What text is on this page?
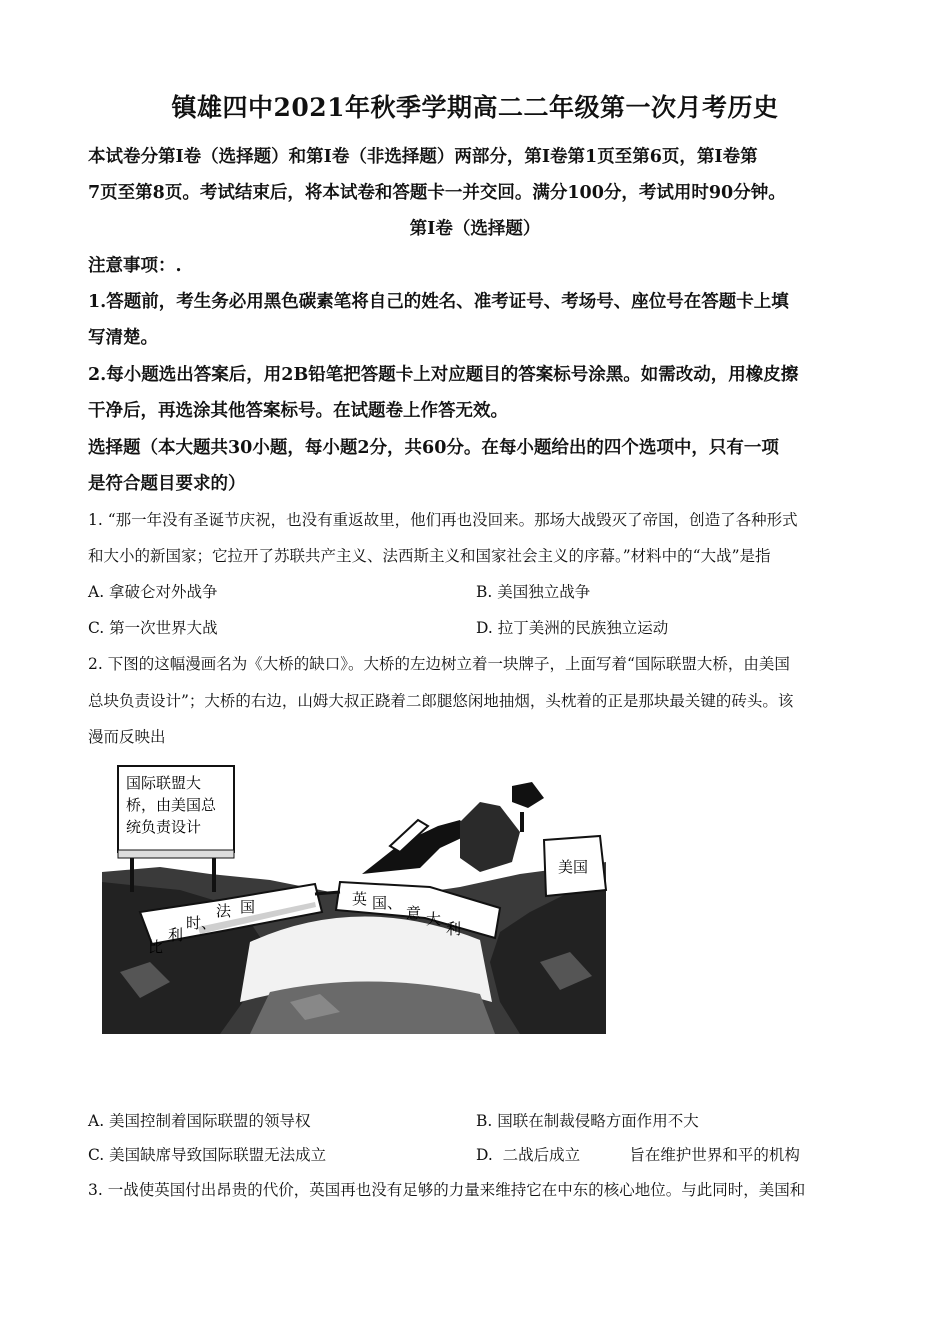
镇雄四中2021年秋季学期高二二年级第一次月考历史
本试卷分第Ⅰ卷（选择题）和第Ⅰ卷（非选择题）两部分，第Ⅰ卷第1页至第6页，第Ⅰ卷第
7页至第8页。考试结束后，将本试卷和答题卡一并交回。满分100分，考试用时90分钟。
第Ⅰ卷（选择题）
注意事项：.
1.答题前，考生务必用黑色碳素笔将自己的姓名、准考证号、考场号、座位号在答题卡上填
写清楚。
2.每小题选出答案后，用2B铅笔把答题卡上对应题目的答案标号涂黑。如需改动，用橡皮擦
干净后，再选涂其他答案标号。在试题卷上作答无效。
选择题（本大题共30小题，每小题2分，共60分。在每小题给出的四个选项中，只有一项
是符合题目要求的）
1. “那一年没有圣诞节庆祝，也没有重返故里，他们再也没回来。那场大战毁灭了帝国，创造了各种形式
和大小的新国家；它拉开了苏联共产主义、法西斯主义和国家社会主义的序幕。”材料中的“大战”是指
A. 拿破仑对外战争	B. 美国独立战争
C. 第一次世界大战	D. 拉丁美洲的民族独立运动
2. 下图的这幅漫画名为《大桥的缺口》。大桥的左边树立着一块牌子，上面写着“国际联盟大桥，由美国
总块负责设计”；大桥的右边，山姆大叔正跷着二郎腿悠闲地抽烟，头枕着的正是那块最关键的砖头。该
漫而反映出
国际联盟大
桥，由美国总
统负责设计
比
利
时、
法 国	英 国、
意 大
利
美国
A. 美国控制着国际联盟的领导权	B. 国联在制裁侵略方面作用不大
C. 美国缺席导致国际联盟无法成立	D.  二战后成立          旨在维护世界和平的机构
3. 一战使英国付出昂贵的代价，英国再也没有足够的力量来维持它在中东的核心地位。与此同时，美国和
